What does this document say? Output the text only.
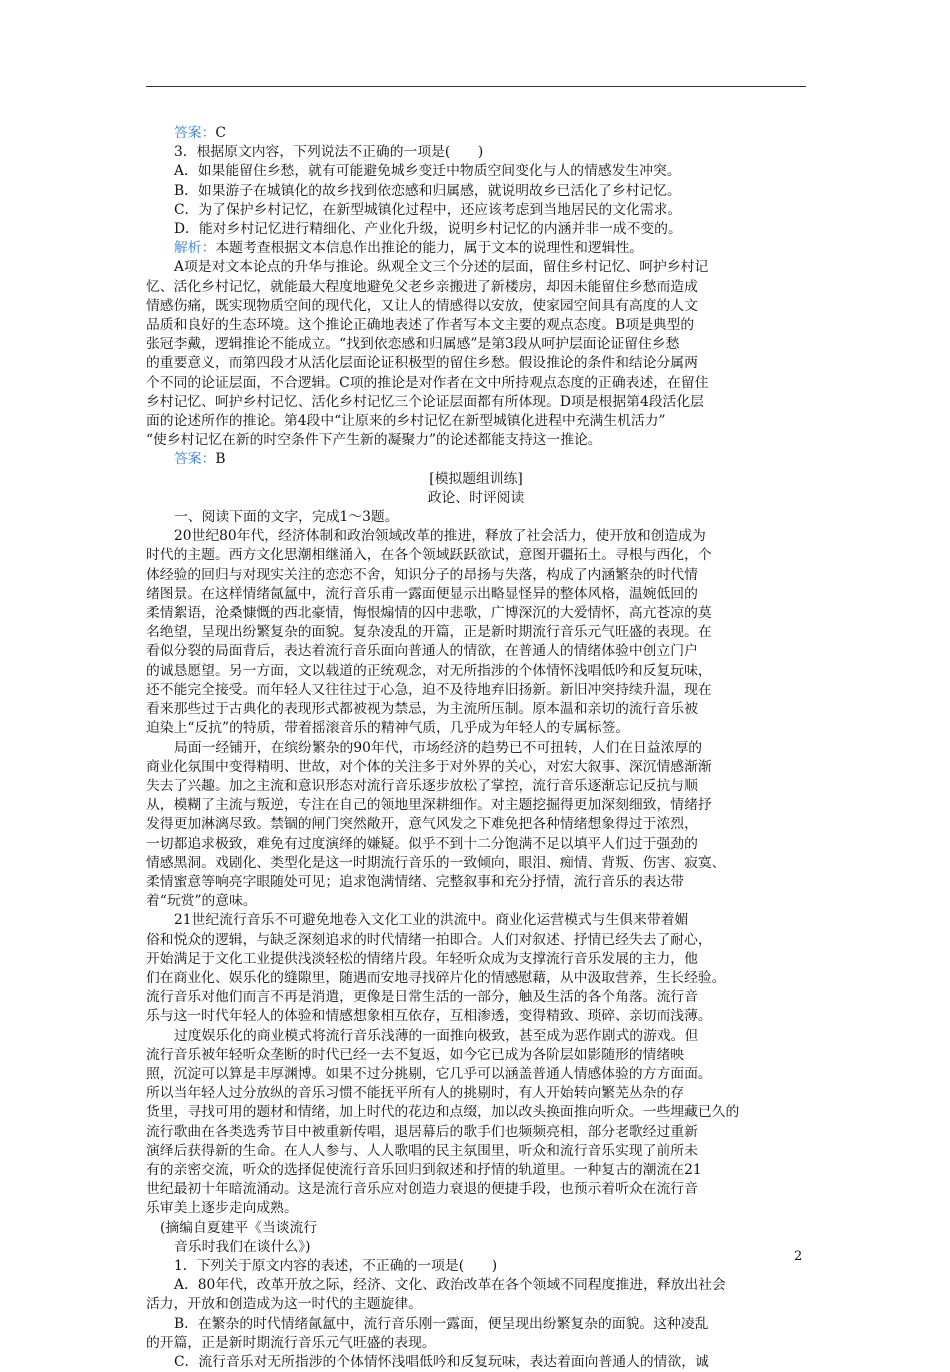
答案：C
3．根据原文内容，下列说法不正确的一项是(　　)
A．如果能留住乡愁，就有可能避免城乡变迁中物质空间变化与人的情感发生冲突。
B．如果游子在城镇化的故乡找到依恋感和归属感，就说明故乡已活化了乡村记忆。
C．为了保护乡村记忆，在新型城镇化过程中，还应该考虑到当地居民的文化需求。
D．能对乡村记忆进行精细化、产业化升级，说明乡村记忆的内涵并非一成不变的。
解析：本题考查根据文本信息作出推论的能力，属于文本的说理性和逻辑性。
A项是对文本论点的升华与推论。纵观全文三个分述的层面，留住乡村记忆、呵护乡村记
忆、活化乡村记忆，就能最大程度地避免父老乡亲搬进了新楼房，却因未能留住乡愁而造成
情感伤痛，既实现物质空间的现代化，又让人的情感得以安放，使家园空间具有高度的人文
品质和良好的生态环境。这个推论正确地表述了作者写本文主要的观点态度。B项是典型的
张冠李戴，逻辑推论不能成立。“找到依恋感和归属感”是第3段从呵护层面论证留住乡愁
的重要意义，而第四段才从活化层面论证积极型的留住乡愁。假设推论的条件和结论分属两
个不同的论证层面，不合逻辑。C项的推论是对作者在文中所持观点态度的正确表述，在留住
乡村记忆、呵护乡村记忆、活化乡村记忆三个论证层面都有所体现。D项是根据第4段活化层
面的论述所作的推论。第4段中“让原来的乡村记忆在新型城镇化进程中充满生机活力”
“使乡村记忆在新的时空条件下产生新的凝聚力”的论述都能支持这一推论。
答案：B
[模拟题组训练]
政论、时评阅读
一、阅读下面的文字，完成1～3题。
20世纪80年代，经济体制和政治领域改革的推进，释放了社会活力，使开放和创造成为
时代的主题。西方文化思潮相继涌入，在各个领域跃跃欲试，意图开疆拓土。寻根与西化，个
体经验的回归与对现实关注的恋恋不舍，知识分子的昂扬与失落，构成了内涵繁杂的时代情
绪图景。在这样情绪氤氲中，流行音乐甫一露面便显示出略显怪异的整体风格，温婉低回的
柔情絮语，沧桑慷慨的西北豪情，悔恨煽情的囚中悲歌，广博深沉的大爱情怀，高亢苍凉的莫
名绝望，呈现出纷繁复杂的面貌。复杂凌乱的开篇，正是新时期流行音乐元气旺盛的表现。在
看似分裂的局面背后，表达着流行音乐面向普通人的情欲，在普通人的情绪体验中创立门户
的诚恳愿望。另一方面，文以载道的正统观念，对无所指涉的个体情怀浅唱低吟和反复玩味，
还不能完全接受。而年轻人又往往过于心急，迫不及待地弃旧扬新。新旧冲突持续升温，现在
看来那些过于古典化的表现形式都被视为禁忌，为主流所压制。原本温和亲切的流行音乐被
迫染上“反抗”的特质，带着摇滚音乐的精神气质，几乎成为年轻人的专属标签。
局面一经铺开，在缤纷繁杂的90年代，市场经济的趋势已不可扭转，人们在日益浓厚的
商业化氛围中变得精明、世故，对个体的关注多于对外界的关心，对宏大叙事、深沉情感渐渐
失去了兴趣。加之主流和意识形态对流行音乐逐步放松了掌控，流行音乐逐渐忘记反抗与顺
从，模糊了主流与叛逆，专注在自己的领地里深耕细作。对主题挖掘得更加深刻细致，情绪抒
发得更加淋漓尽致。禁锢的闸门突然敞开，意气风发之下难免把各种情绪想象得过于浓烈，
一切都追求极致，难免有过度演绎的嫌疑。似乎不到十二分饱满不足以填平人们过于强劲的
情感黑洞。戏剧化、类型化是这一时期流行音乐的一致倾向，眼泪、痴情、背叛、伤害、寂寞、
柔情蜜意等响亮字眼随处可见；追求饱满情绪、完整叙事和充分抒情，流行音乐的表达带
着“玩赏”的意味。
21世纪流行音乐不可避免地卷入文化工业的洪流中。商业化运营模式与生俱来带着媚
俗和悦众的逻辑，与缺乏深刻追求的时代情绪一拍即合。人们对叙述、抒情已经失去了耐心，
开始满足于文化工业提供浅淡轻松的情绪片段。年轻听众成为支撑流行音乐发展的主力，他
们在商业化、娱乐化的缝隙里，随遇而安地寻找碎片化的情感慰藉，从中汲取营养，生长经验。
流行音乐对他们而言不再是消遣，更像是日常生活的一部分，触及生活的各个角落。流行音
乐与这一时代年轻人的体验和情感想象相互依存，互相渗透，变得精致、琐碎、亲切而浅薄。
过度娱乐化的商业模式将流行音乐浅薄的一面推向极致，甚至成为恶作剧式的游戏。但
流行音乐被年轻听众垄断的时代已经一去不复返，如今它已成为各阶层如影随形的情绪映
照，沉淀可以算是丰厚渊博。如果不过分挑剔，它几乎可以涵盖普通人情感体验的方方面面。
所以当年轻人过分放纵的音乐习惯不能抚平所有人的挑剔时，有人开始转向繁芜丛杂的存
货里，寻找可用的题材和情绪，加上时代的花边和点缀，加以改头换面推向听众。一些埋藏已久的
流行歌曲在各类选秀节目中被重新传唱，退居幕后的歌手们也频频亮相，部分老歌经过重新
演绎后获得新的生命。在人人参与、人人歌唱的民主氛围里，听众和流行音乐实现了前所未
有的亲密交流，听众的选择促使流行音乐回归到叙述和抒情的轨道里。一种复古的潮流在21
世纪最初十年暗流涌动。这是流行音乐应对创造力衰退的便捷手段，也预示着听众在流行音
乐审美上逐步走向成熟。
(摘编自夏建平《当谈流行
音乐时我们在谈什么》)
1．下列关于原文内容的表述，不正确的一项是(　　)
A．80年代，改革开放之际，经济、文化、政治改革在各个领域不同程度推进，释放出社会
活力，开放和创造成为这一时代的主题旋律。
B．在繁杂的时代情绪氤氲中，流行音乐刚一露面，便呈现出纷繁复杂的面貌。这种凌乱
的开篇，正是新时期流行音乐元气旺盛的表现。
C．流行音乐对无所指涉的个体情怀浅唱低吟和反复玩味，表达着面向普通人的情欲，诚
2
